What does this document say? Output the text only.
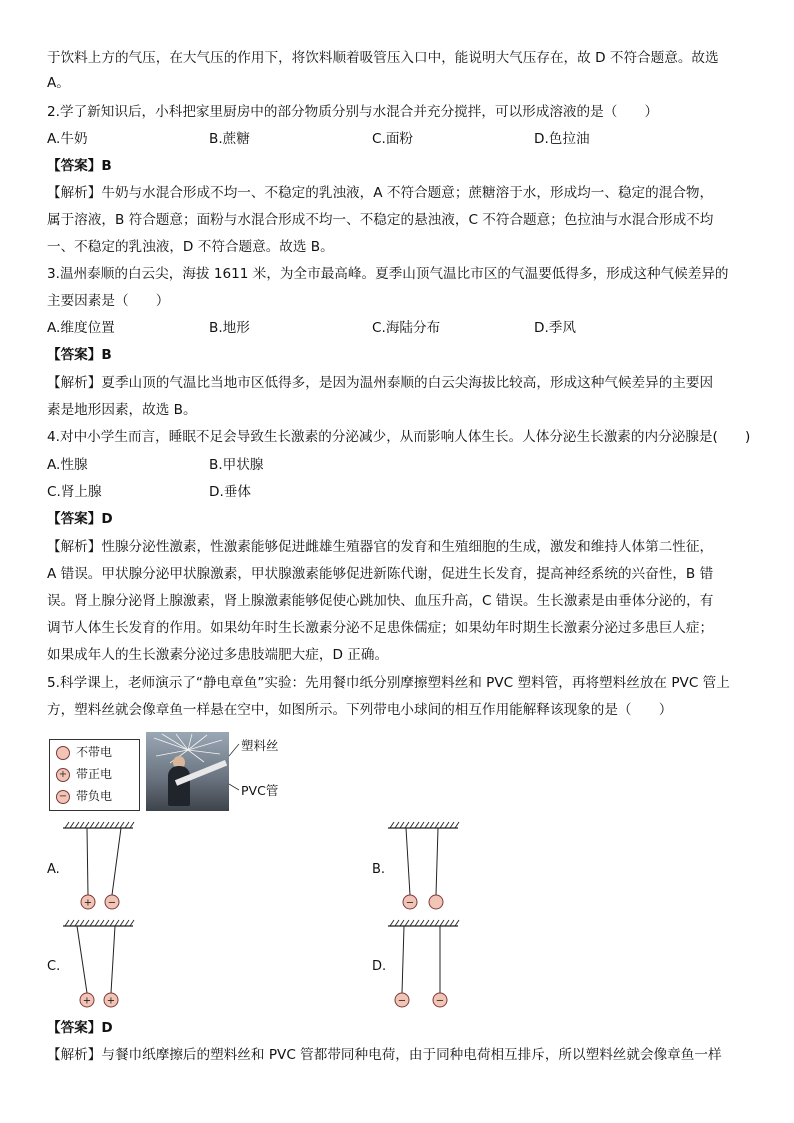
于饮料上方的气压，在大气压的作用下，将饮料顺着吸管压入口中，能说明大气压存在，故 D 不符合题意。故选
A。
2.学了新知识后，小科把家里厨房中的部分物质分别与水混合并充分搅拌，可以形成溶液的是（　　）
A.牛奶	B.蔗糖	C.面粉	D.色拉油
【答案】B
【解析】牛奶与水混合形成不均一、不稳定的乳浊液，A 不符合题意；蔗糖溶于水，形成均一、稳定的混合物，
属于溶液，B 符合题意；面粉与水混合形成不均一、不稳定的悬浊液，C 不符合题意；色拉油与水混合形成不均
一、不稳定的乳浊液，D 不符合题意。故选 B。
3.温州泰顺的白云尖，海拔 1611 米，为全市最高峰。夏季山顶气温比市区的气温要低得多，形成这种气候差异的
主要因素是（　　）
A.维度位置	B.地形	C.海陆分布	D.季风
【答案】B
【解析】夏季山顶的气温比当地市区低得多，是因为温州泰顺的白云尖海拔比较高，形成这种气候差异的主要因
素是地形因素，故选 B。
4.对中小学生而言，睡眠不足会导致生长激素的分泌减少，从而影响人体生长。人体分泌生长激素的内分泌腺是(　　)
A.性腺	B.甲状腺
C.肾上腺	D.垂体
【答案】D
【解析】性腺分泌性激素，性激素能够促进雌雄生殖器官的发育和生殖细胞的生成，激发和维持人体第二性征，
A 错误。甲状腺分泌甲状腺激素，甲状腺激素能够促进新陈代谢，促进生长发育，提高神经系统的兴奋性，B 错
误。肾上腺分泌肾上腺激素，肾上腺激素能够促使心跳加快、血压升高，C 错误。生长激素是由垂体分泌的，有
调节人体生长发育的作用。如果幼年时生长激素分泌不足患侏儒症；如果幼年时期生长激素分泌过多患巨人症；
如果成年人的生长激素分泌过多患肢端肥大症，D 正确。
5.科学课上，老师演示了“静电章鱼”实验：先用餐巾纸分别摩擦塑料丝和 PVC 塑料管，再将塑料丝放在 PVC 管上
方，塑料丝就会像章鱼一样悬在空中，如图所示。下列带电小球间的相互作用能解释该现象的是（　　）
不带电
+ 带正电
− 带负电
塑料丝
PVC管
A.	B.
C.	D.
+ −	−
+ +	−	−
【答案】D
【解析】与餐巾纸摩擦后的塑料丝和 PVC 管都带同种电荷，由于同种电荷相互排斥，所以塑料丝就会像章鱼一样
